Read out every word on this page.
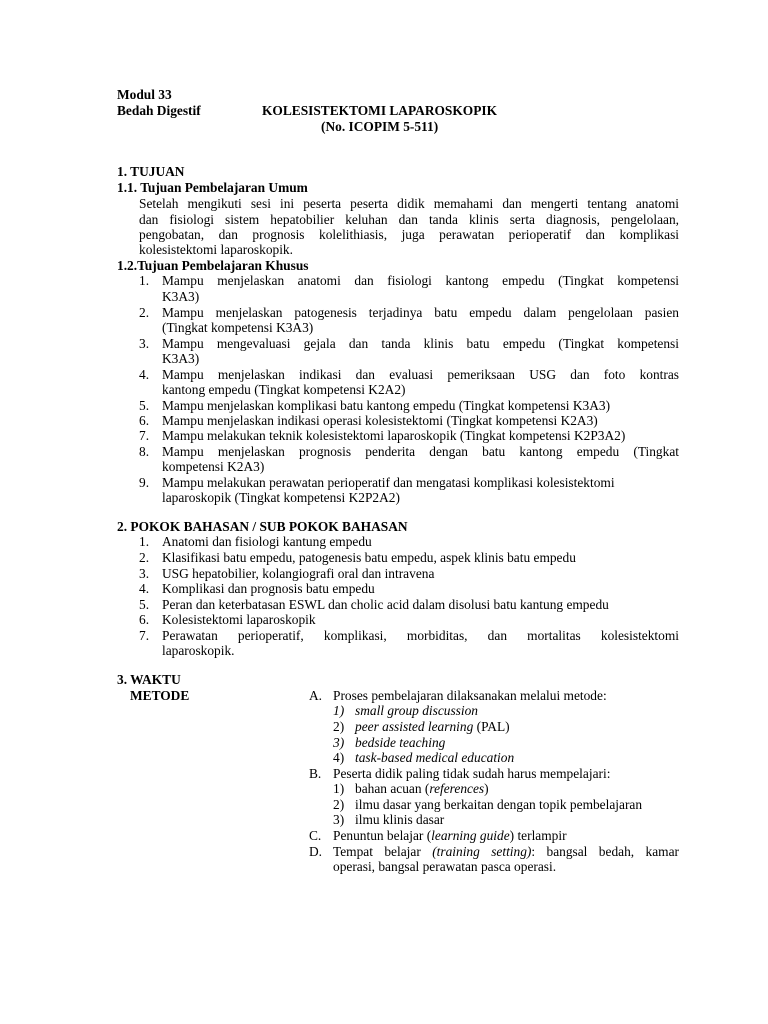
Modul 33
Bedah Digestif	KOLESISTEKTOMI LAPAROSKOPIK
(No. ICOPIM 5-511)
1. TUJUAN
1.1. Tujuan Pembelajaran Umum
Setelah mengikuti sesi ini peserta peserta didik memahami dan mengerti tentang anatomi
dan fisiologi sistem hepatobilier keluhan dan tanda klinis serta diagnosis, pengelolaan,
pengobatan, dan prognosis kolelithiasis, juga perawatan perioperatif dan komplikasi
kolesistektomi laparoskopik.
1.2.Tujuan Pembelajaran Khusus
1. Mampu menjelaskan anatomi dan fisiologi kantong empedu (Tingkat kompetensi
K3A3)
2. Mampu menjelaskan patogenesis terjadinya batu empedu dalam pengelolaan pasien
(Tingkat kompetensi K3A3)
3. Mampu mengevaluasi gejala dan tanda klinis batu empedu (Tingkat kompetensi
K3A3)
4. Mampu menjelaskan indikasi dan evaluasi pemeriksaan USG dan foto kontras
kantong empedu (Tingkat kompetensi K2A2)
5. Mampu menjelaskan komplikasi batu kantong empedu (Tingkat kompetensi K3A3)
6. Mampu menjelaskan indikasi operasi kolesistektomi (Tingkat kompetensi K2A3)
7. Mampu melakukan teknik kolesistektomi laparoskopik (Tingkat kompetensi K2P3A2)
8. Mampu menjelaskan prognosis penderita dengan batu kantong empedu (Tingkat
kompetensi K2A3)
9. Mampu melakukan perawatan perioperatif dan mengatasi komplikasi kolesistektomi
laparoskopik (Tingkat kompetensi K2P2A2)
2. POKOK BAHASAN / SUB POKOK BAHASAN
1. Anatomi dan fisiologi kantung empedu
2. Klasifikasi batu empedu, patogenesis batu empedu, aspek klinis batu empedu
3. USG hepatobilier, kolangiografi oral dan intravena
4. Komplikasi dan prognosis batu empedu
5. Peran dan keterbatasan ESWL dan cholic acid dalam disolusi batu kantung empedu
6. Kolesistektomi laparoskopik
7. Perawatan perioperatif, komplikasi, morbiditas, dan mortalitas kolesistektomi
laparoskopik.
3. WAKTU
METODE	A. Proses pembelajaran dilaksanakan melalui metode:
1) small group discussion
2) peer assisted learning (PAL)
3) bedside teaching
4) task-based medical education
B. Peserta didik paling tidak sudah harus mempelajari:
1) bahan acuan (references)
2) ilmu dasar yang berkaitan dengan topik pembelajaran
3) ilmu klinis dasar
C. Penuntun belajar (learning guide) terlampir
D. Tempat belajar (training setting): bangsal bedah, kamar
operasi, bangsal perawatan pasca operasi.
